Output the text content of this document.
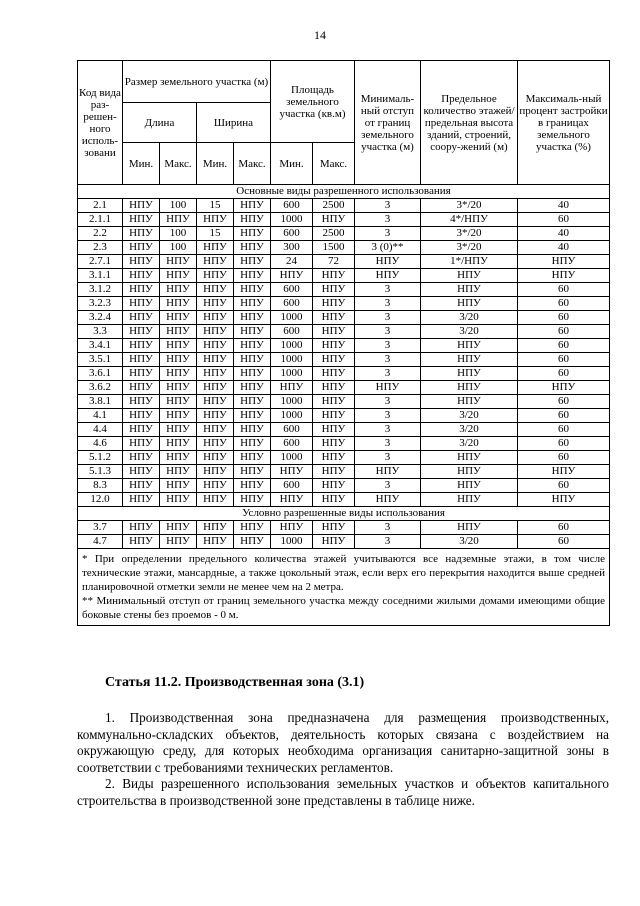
14
Код вида раз-решен-ного исполь-зовани	Размер земельного участка (м)				Площадь земельного участка (кв.м)		Минималь-ный отступ от границ земельного участка (м)	Предельное количество этажей/ предельная высота зданий, строений, соору-жений (м)	Максималь-ный процент застройки в границах земельного участка (%)
	Длина		Ширина						
	Мин.	Макс.	Мин.	Макс.	Мин.	Макс.			
Основные виды разрешенного использования									
2.1	НПУ	100	15	НПУ	600	2500	3	3*/20	40
2.1.1	НПУ	НПУ	НПУ	НПУ	1000	НПУ	3	4*/НПУ	60
2.2	НПУ	100	15	НПУ	600	2500	3	3*/20	40
2.3	НПУ	100	НПУ	НПУ	300	1500	3 (0)**	3*/20	40
2.7.1	НПУ	НПУ	НПУ	НПУ	24	72	НПУ	1*/НПУ	НПУ
3.1.1	НПУ	НПУ	НПУ	НПУ	НПУ	НПУ	НПУ	НПУ	НПУ
3.1.2	НПУ	НПУ	НПУ	НПУ	600	НПУ	3	НПУ	60
3.2.3	НПУ	НПУ	НПУ	НПУ	600	НПУ	3	НПУ	60
3.2.4	НПУ	НПУ	НПУ	НПУ	1000	НПУ	3	3/20	60
3.3	НПУ	НПУ	НПУ	НПУ	600	НПУ	3	3/20	60
3.4.1	НПУ	НПУ	НПУ	НПУ	1000	НПУ	3	НПУ	60
3.5.1	НПУ	НПУ	НПУ	НПУ	1000	НПУ	3	НПУ	60
3.6.1	НПУ	НПУ	НПУ	НПУ	1000	НПУ	3	НПУ	60
3.6.2	НПУ	НПУ	НПУ	НПУ	НПУ	НПУ	НПУ	НПУ	НПУ
3.8.1	НПУ	НПУ	НПУ	НПУ	1000	НПУ	3	НПУ	60
4.1	НПУ	НПУ	НПУ	НПУ	1000	НПУ	3	3/20	60
4.4	НПУ	НПУ	НПУ	НПУ	600	НПУ	3	3/20	60
4.6	НПУ	НПУ	НПУ	НПУ	600	НПУ	3	3/20	60
5.1.2	НПУ	НПУ	НПУ	НПУ	1000	НПУ	3	НПУ	60
5.1.3	НПУ	НПУ	НПУ	НПУ	НПУ	НПУ	НПУ	НПУ	НПУ
8.3	НПУ	НПУ	НПУ	НПУ	600	НПУ	3	НПУ	60
12.0	НПУ	НПУ	НПУ	НПУ	НПУ	НПУ	НПУ	НПУ	НПУ
Условно разрешенные виды использования									
3.7	НПУ	НПУ	НПУ	НПУ	НПУ	НПУ	3	НПУ	60
4.7	НПУ	НПУ	НПУ	НПУ	1000	НПУ	3	3/20	60

* При определении предельного количества этажей учитываются все надземные этажи, в том числе технические этажи, мансардные, а также цокольный этаж, если верх его перекрытия находится выше средней планировочной отметки земли не менее чем на 2 метра.

** Минимальный отступ от границ земельного участка между соседними жилыми домами имеющими общие боковые стены без проемов - 0 м.									

Статья 11.2. Производственная зона (3.1)

1. Производственная зона предназначена для размещения производственных, коммунально-складских объектов, деятельность которых связана с воздействием на окружающую среду, для которых необходима организация санитарно-защитной зоны в соответствии с требованиями технических регламентов.

2. Виды разрешенного использования земельных участков и объектов капитального строительства в производственной зоне представлены в таблице ниже.
